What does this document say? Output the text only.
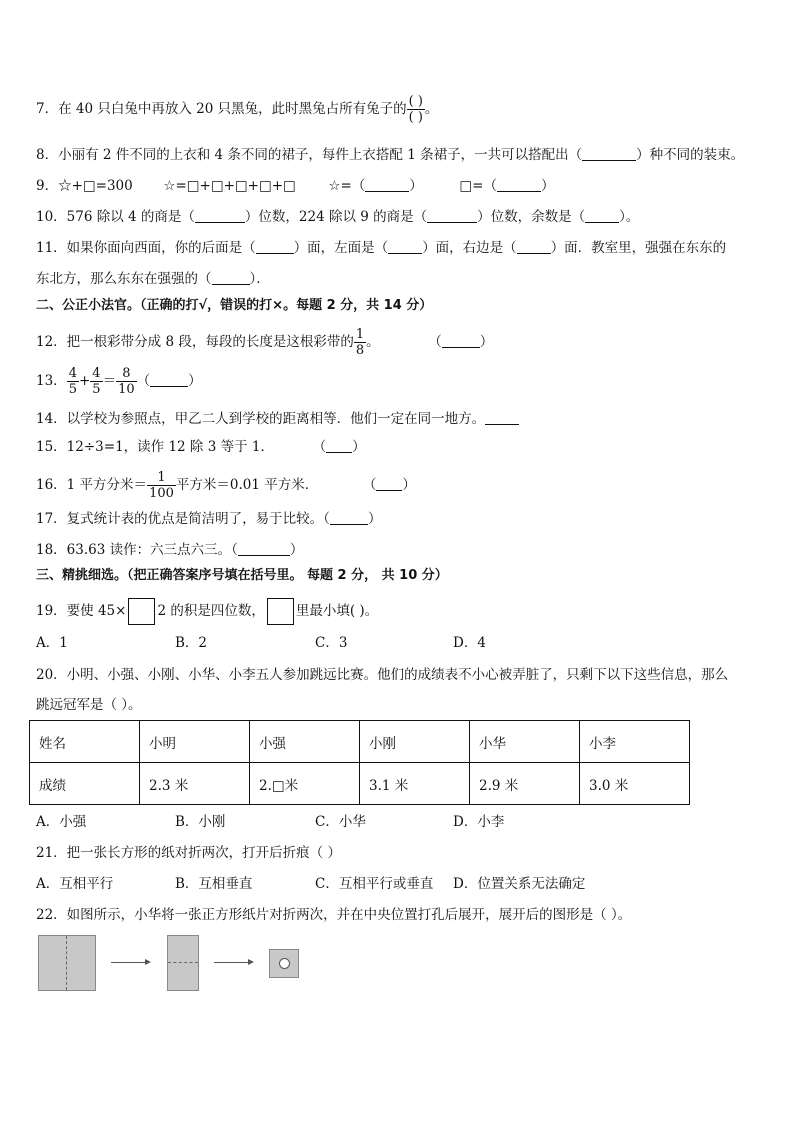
7．在 40 只白兔中再放入 20 只黑兔，此时黑兔占所有兔子的 $\frac{( )}{( )}$ 。
8．小丽有 2 件不同的上衣和 4 条不同的裙子，每件上衣搭配 1 条裙子，一共可以搭配出（	）种不同的装束。
9．☆+□=300 ☆=□+□+□+□+□ ☆=（	）	□=（	）
10．576 除以 4 的商是（	）位数，224 除以 9 的商是（	）位数，余数是（	）。
11．如果你面向西面，你的后面是（	）面，左面是（	）面，右边是（	）面．教室里，强强在东东的
东北方，那么东东在强强的（	）．
二、公正小法官。（正确的打√，错误的打×。每题 2 分，共 14 分）
12．把一根彩带分成 8 段，每段的长度是这根彩带的 $\frac{1}{8}$ 。	（	）
13． $\frac{4}{5} + \frac{4}{5} = \frac{8}{10}$ （	）
14．以学校为参照点，甲乙二人到学校的距离相等．他们一定在同一地方。
15．12÷3=1，读作 12 除 3 等于 1．	（ ）
16．1 平方分米＝ $\frac{1}{100}$ 平方米＝0.01 平方米．	（ ）
17．复式统计表的优点是简洁明了，易于比较。（	）
18．63.63 读作：六三点六三。（	）
三、精挑细选。（把正确答案序号填在括号里。 每题 2 分， 共 10 分）
19．要使 45× 2 的积是四位数， 里最小填( )。
A．1	B．2	C．3	D．4
20．小明、小强、小刚、小华、小李五人参加跳远比赛。他们的成绩表不小心被弄脏了，只剩下以下这些信息，那么
跳远冠军是（ ）。
姓名	小明	小强	小刚	小华	小李
成绩	2.3 米	2.□米	3.1 米	2.9 米	3.0 米
A．小强	B．小刚	C．小华	D．小李
21．把一张长方形的纸对折两次，打开后折痕（ ）
A．互相平行	B．互相垂直	C．互相平行或垂直 D．位置关系无法确定
22．如图所示，小华将一张正方形纸片对折两次，并在中央位置打孔后展开，展开后的图形是（ ）。
